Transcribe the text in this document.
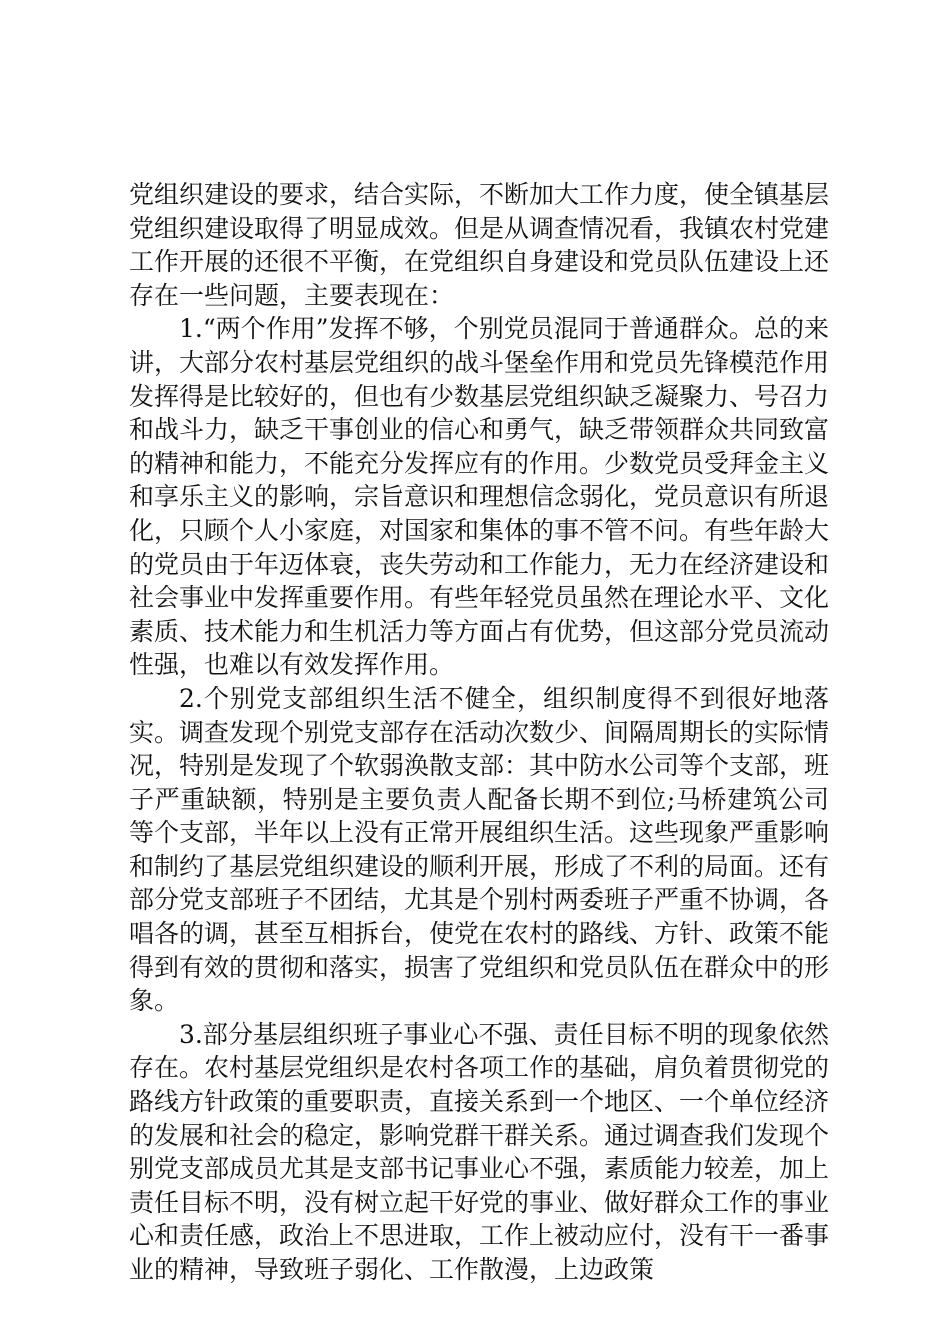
党组织建设的要求，结合实际，不断加大工作力度，使全镇基层党组织建设取得了明显成效。但是从调查情况看，我镇农村党建工作开展的还很不平衡，在党组织自身建设和党员队伍建设上还存在一些问题，主要表现在：

1.“两个作用”发挥不够，个别党员混同于普通群众。总的来讲，大部分农村基层党组织的战斗堡垒作用和党员先锋模范作用发挥得是比较好的，但也有少数基层党组织缺乏凝聚力、号召力和战斗力，缺乏干事创业的信心和勇气，缺乏带领群众共同致富的精神和能力，不能充分发挥应有的作用。少数党员受拜金主义和享乐主义的影响，宗旨意识和理想信念弱化，党员意识有所退化，只顾个人小家庭，对国家和集体的事不管不问。有些年龄大的党员由于年迈体衰，丧失劳动和工作能力，无力在经济建设和社会事业中发挥重要作用。有些年轻党员虽然在理论水平、文化素质、技术能力和生机活力等方面占有优势，但这部分党员流动性强，也难以有效发挥作用。

2.个别党支部组织生活不健全，组织制度得不到很好地落实。调查发现个别党支部存在活动次数少、间隔周期长的实际情况，特别是发现了个软弱涣散支部：其中防水公司等个支部，班子严重缺额，特别是主要负责人配备长期不到位;马桥建筑公司等个支部，半年以上没有正常开展组织生活。这些现象严重影响和制约了基层党组织建设的顺利开展，形成了不利的局面。还有部分党支部班子不团结，尤其是个别村两委班子严重不协调，各唱各的调，甚至互相拆台，使党在农村的路线、方针、政策不能得到有效的贯彻和落实，损害了党组织和党员队伍在群众中的形象。

3.部分基层组织班子事业心不强、责任目标不明的现象依然存在。农村基层党组织是农村各项工作的基础，肩负着贯彻党的路线方针政策的重要职责，直接关系到一个地区、一个单位经济的发展和社会的稳定，影响党群干群关系。通过调查我们发现个别党支部成员尤其是支部书记事业心不强，素质能力较差，加上责任目标不明，没有树立起干好党的事业、做好群众工作的事业心和责任感，政治上不思进取，工作上被动应付，没有干一番事业的精神，导致班子弱化、工作散漫，上边政策
